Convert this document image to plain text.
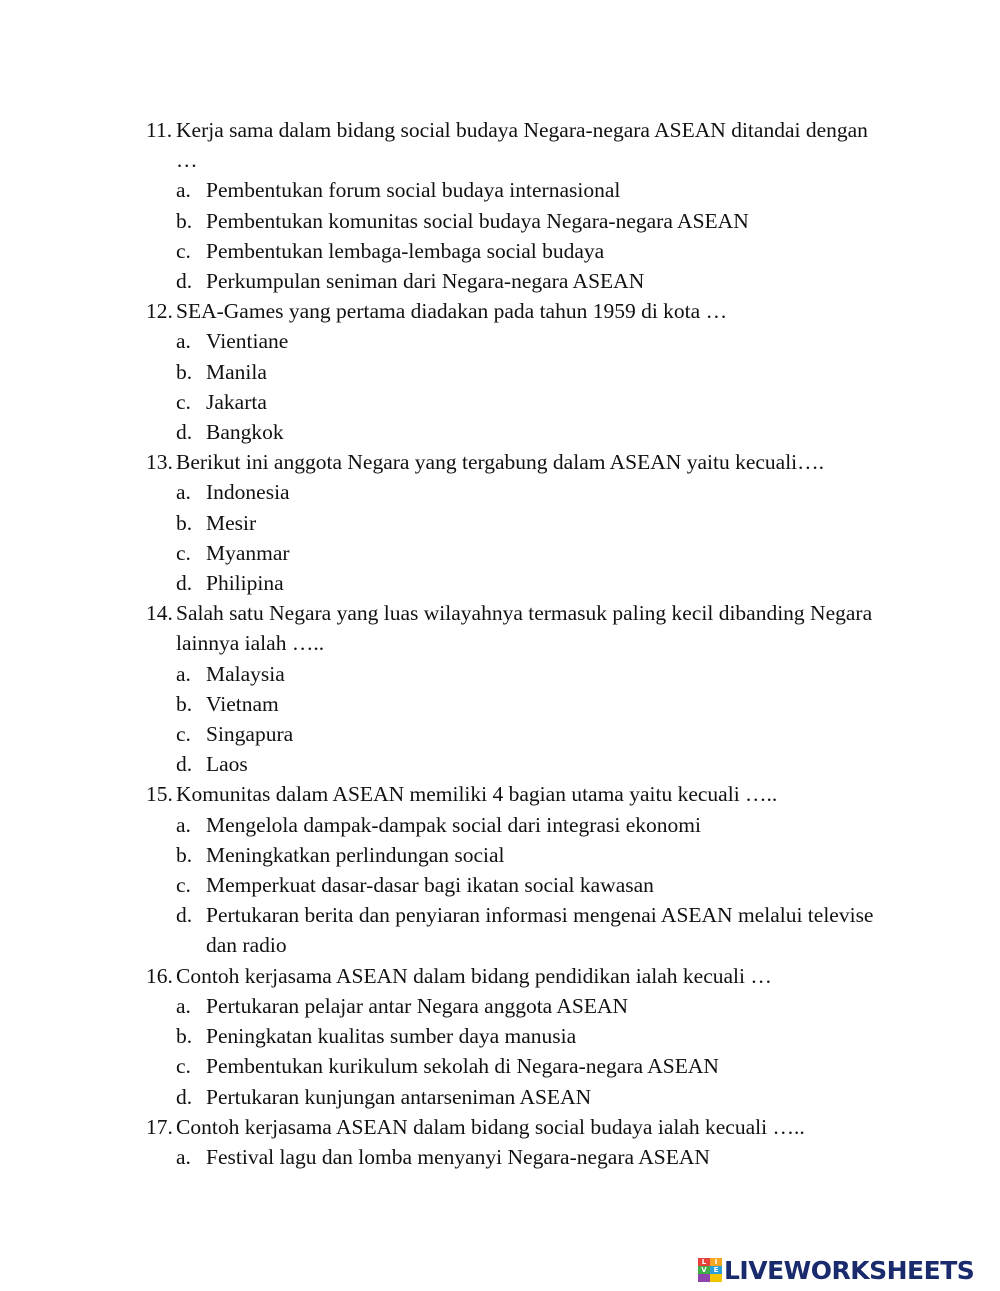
11. Kerja sama dalam bidang social budaya Negara-negara ASEAN ditandai dengan …
a. Pembentukan forum social budaya internasional
b. Pembentukan komunitas social budaya Negara-negara ASEAN
c. Pembentukan lembaga-lembaga social budaya
d. Perkumpulan seniman dari Negara-negara ASEAN
12. SEA-Games yang pertama diadakan pada tahun 1959 di kota …
a. Vientiane
b. Manila
c. Jakarta
d. Bangkok
13. Berikut ini anggota Negara yang tergabung dalam ASEAN yaitu kecuali….
a. Indonesia
b. Mesir
c. Myanmar
d. Philipina
14. Salah satu Negara yang luas wilayahnya termasuk paling kecil dibanding Negara lainnya ialah …..
a. Malaysia
b. Vietnam
c. Singapura
d. Laos
15. Komunitas dalam ASEAN memiliki 4 bagian utama yaitu kecuali …..
a. Mengelola dampak-dampak social dari integrasi ekonomi
b. Meningkatkan perlindungan social
c. Memperkuat dasar-dasar bagi ikatan social kawasan
d. Pertukaran berita dan penyiaran informasi mengenai ASEAN melalui televise dan radio
16. Contoh kerjasama ASEAN dalam bidang pendidikan ialah kecuali …
a. Pertukaran pelajar antar Negara anggota ASEAN
b. Peningkatan kualitas sumber daya manusia
c. Pembentukan kurikulum sekolah di Negara-negara ASEAN
d. Pertukaran kunjungan antarseniman ASEAN
17. Contoh kerjasama ASEAN dalam bidang social budaya ialah kecuali …..
a. Festival lagu dan lomba menyanyi Negara-negara ASEAN
L	I
V E LIVEWORKSHEETS
